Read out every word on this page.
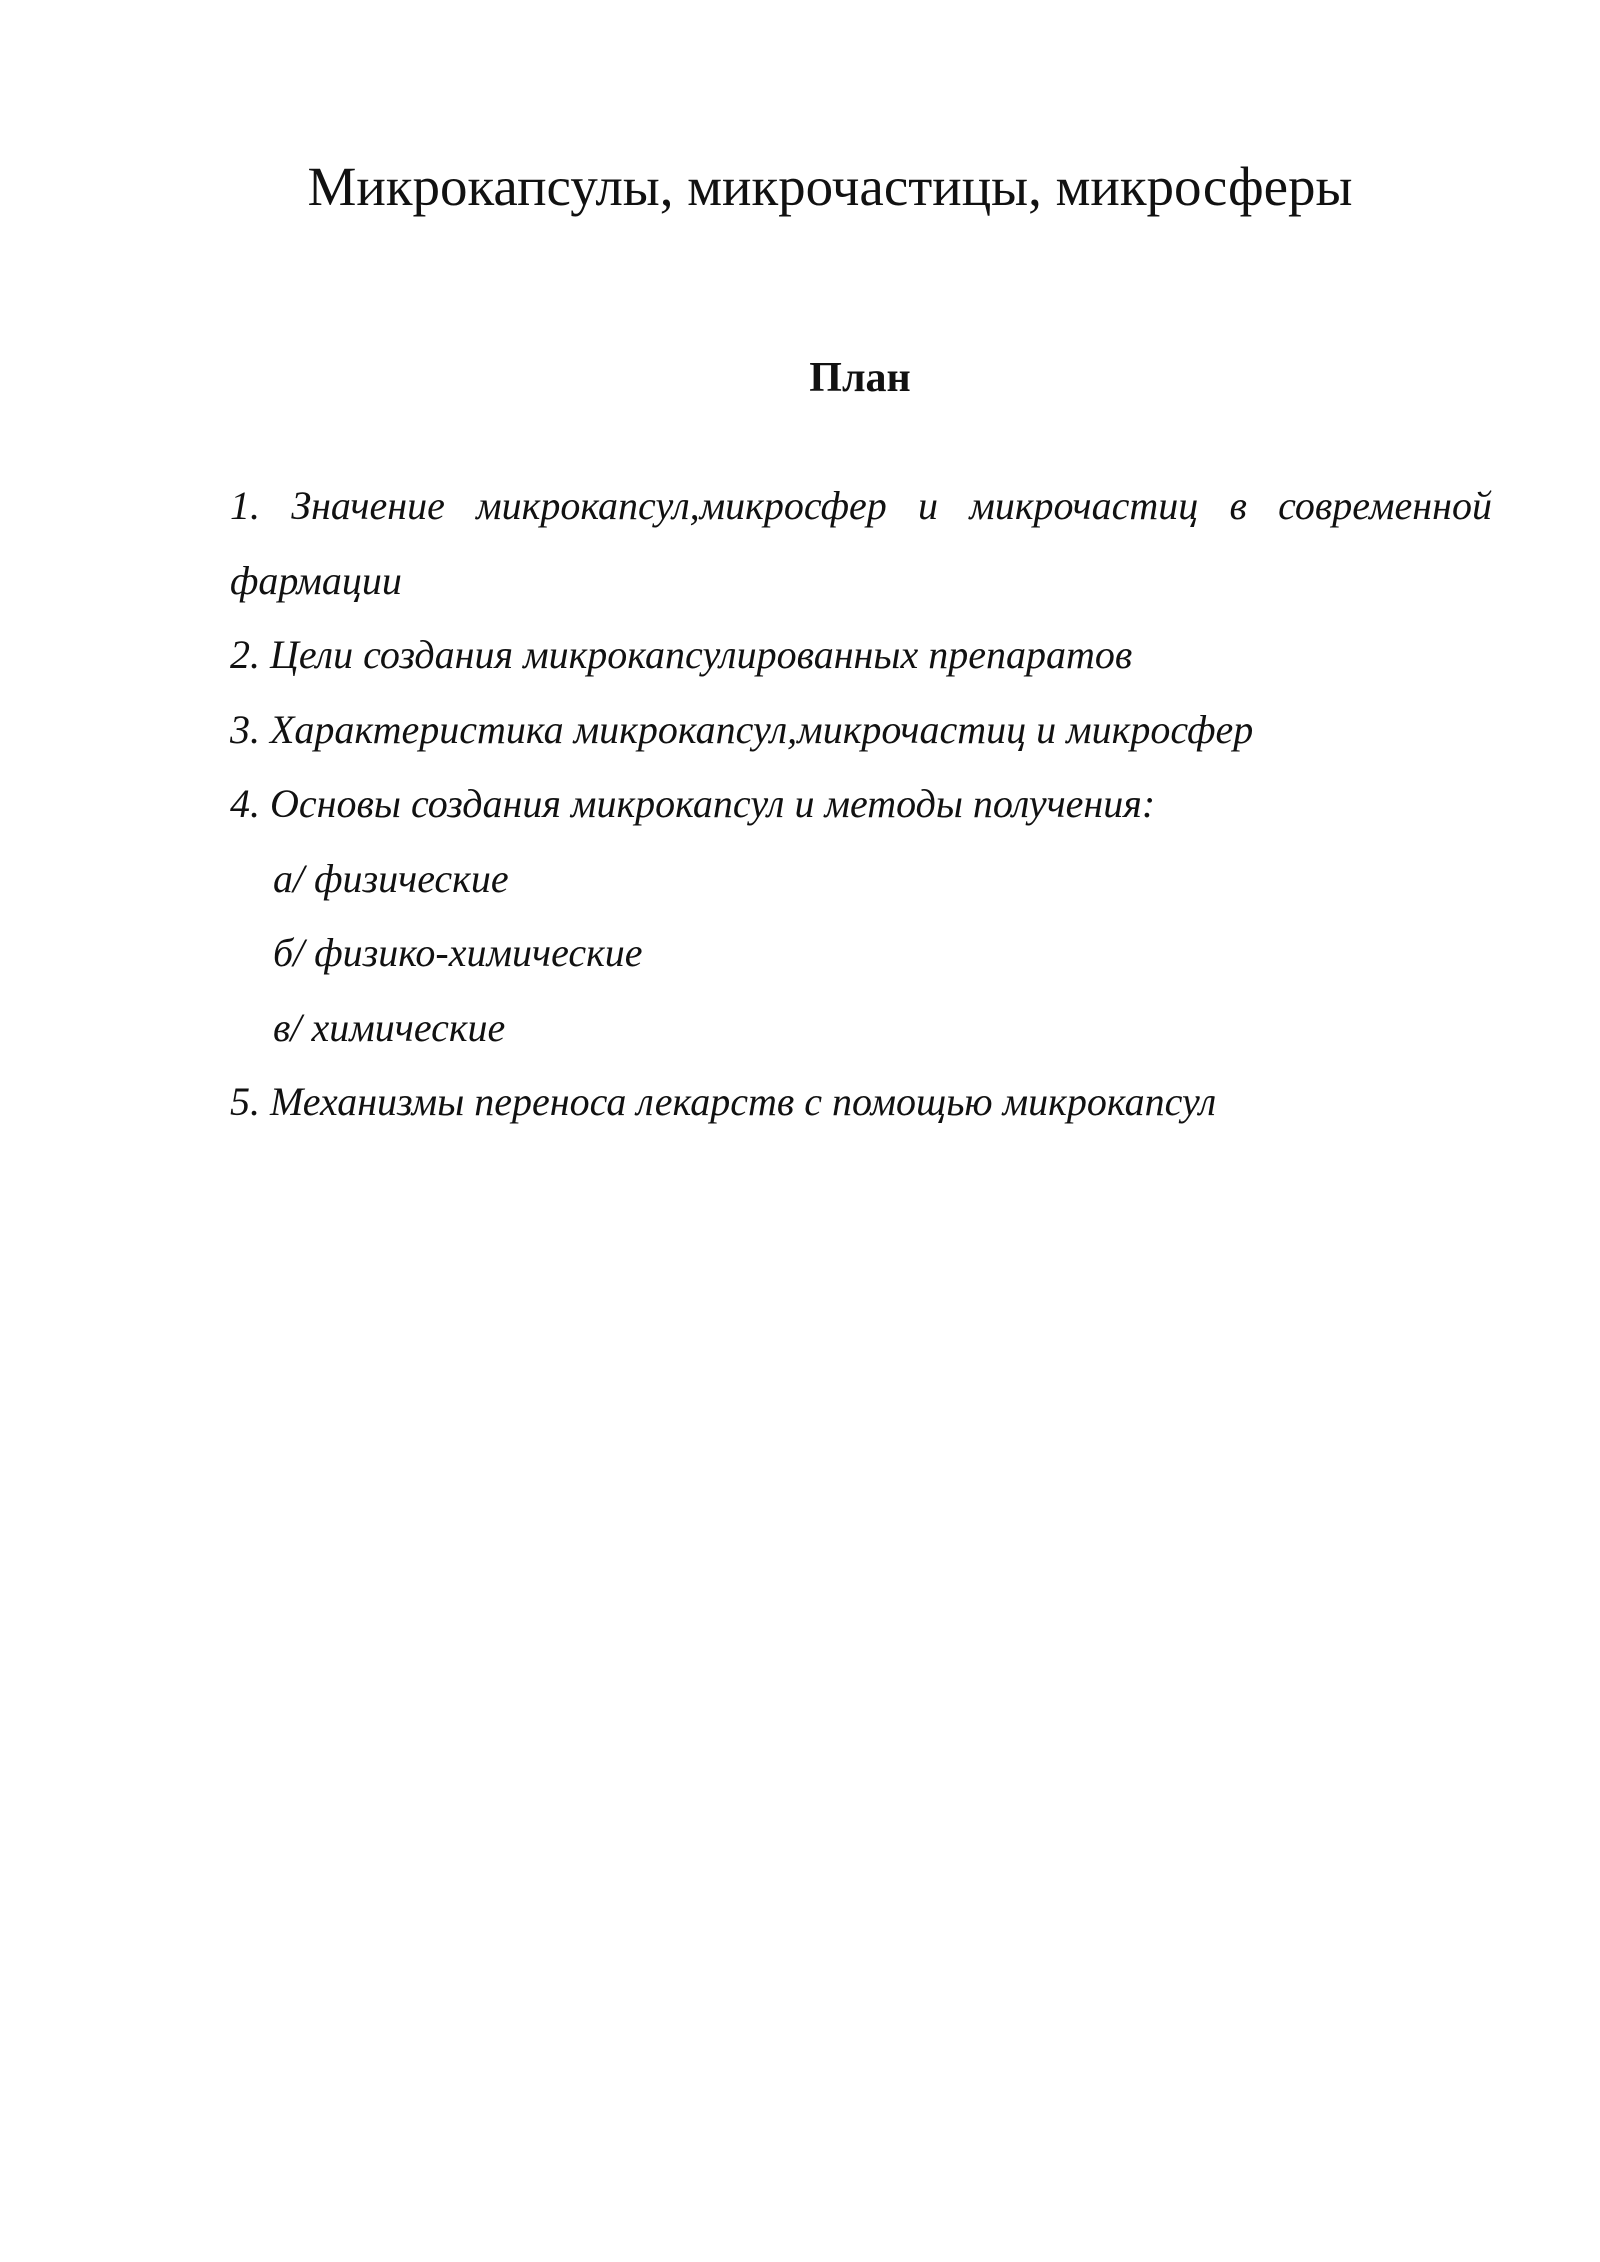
Микрокапсулы, микрочастицы, микросферы
План
1. Значение микрокапсул,микросфер и микрочастиц в современной фармации
2. Цели создания микрокапсулированных препаратов
3. Характеристика микрокапсул,микрочастиц и микросфер
4. Основы создания микрокапсул и методы получения:
а/ физические
б/ физико-химические
в/ химические
5. Механизмы переноса лекарств с помощью микрокапсул
